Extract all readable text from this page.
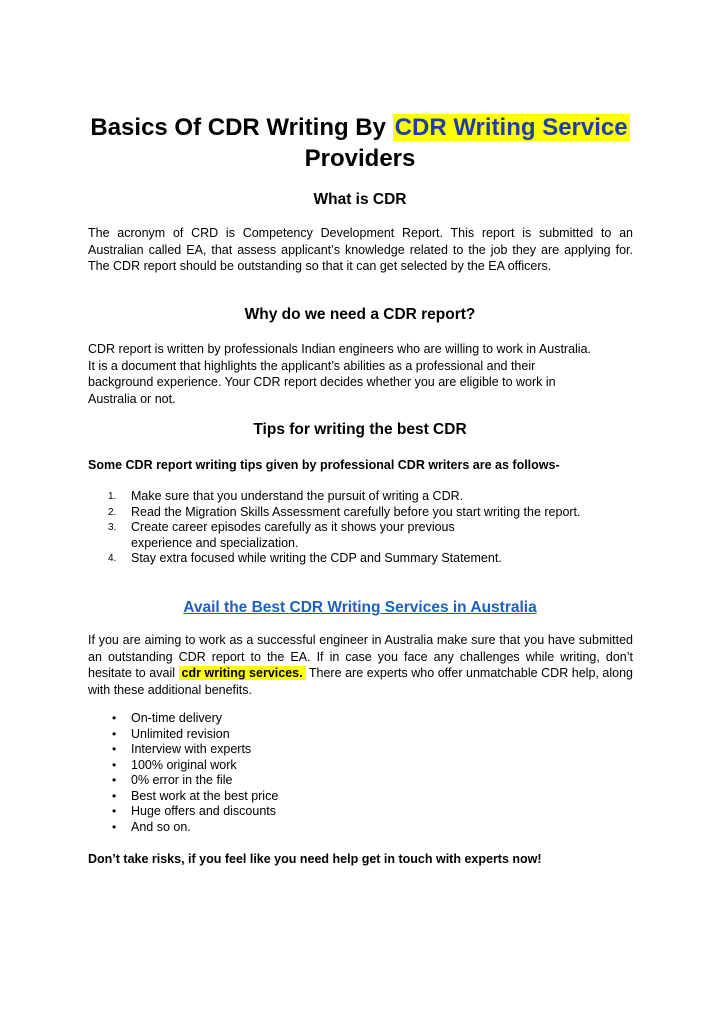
Basics Of CDR Writing By CDR Writing Service
Providers
What is CDR

The acronym of CRD is Competency Development Report. This report is submitted to an Australian called EA, that assess applicant’s knowledge related to the job they are applying for. The CDR report should be outstanding so that it can get selected by the EA officers.

Why do we need a CDR report?
CDR report is written by professionals Indian engineers who are willing to work in Australia.
It is a document that highlights the applicant’s abilities as a professional and their
background experience. Your CDR report decides whether you are eligible to work in
Australia or not.
Tips for writing the best CDR

Some CDR report writing tips given by professional CDR writers are as follows-

1. Make sure that you understand the pursuit of writing a CDR.
2. Read the Migration Skills Assessment carefully before you start writing the report.
3. Create career episodes carefully as it shows your previous experience and specialization.
4. Stay extra focused while writing the CDP and Summary Statement.
Avail the Best CDR Writing Services in Australia

If you are aiming to work as a successful engineer in Australia make sure that you have submitted an outstanding CDR report to the EA. If in case you face any challenges while writing, don’t hesitate to avail cdr writing services. There are experts who offer unmatchable CDR help, along with these additional benefits.

• On-time delivery
• Unlimited revision
• Interview with experts
• 100% original work
• 0% error in the file
• Best work at the best price
• Huge offers and discounts
• And so on.

Don’t take risks, if you feel like you need help get in touch with experts now!
